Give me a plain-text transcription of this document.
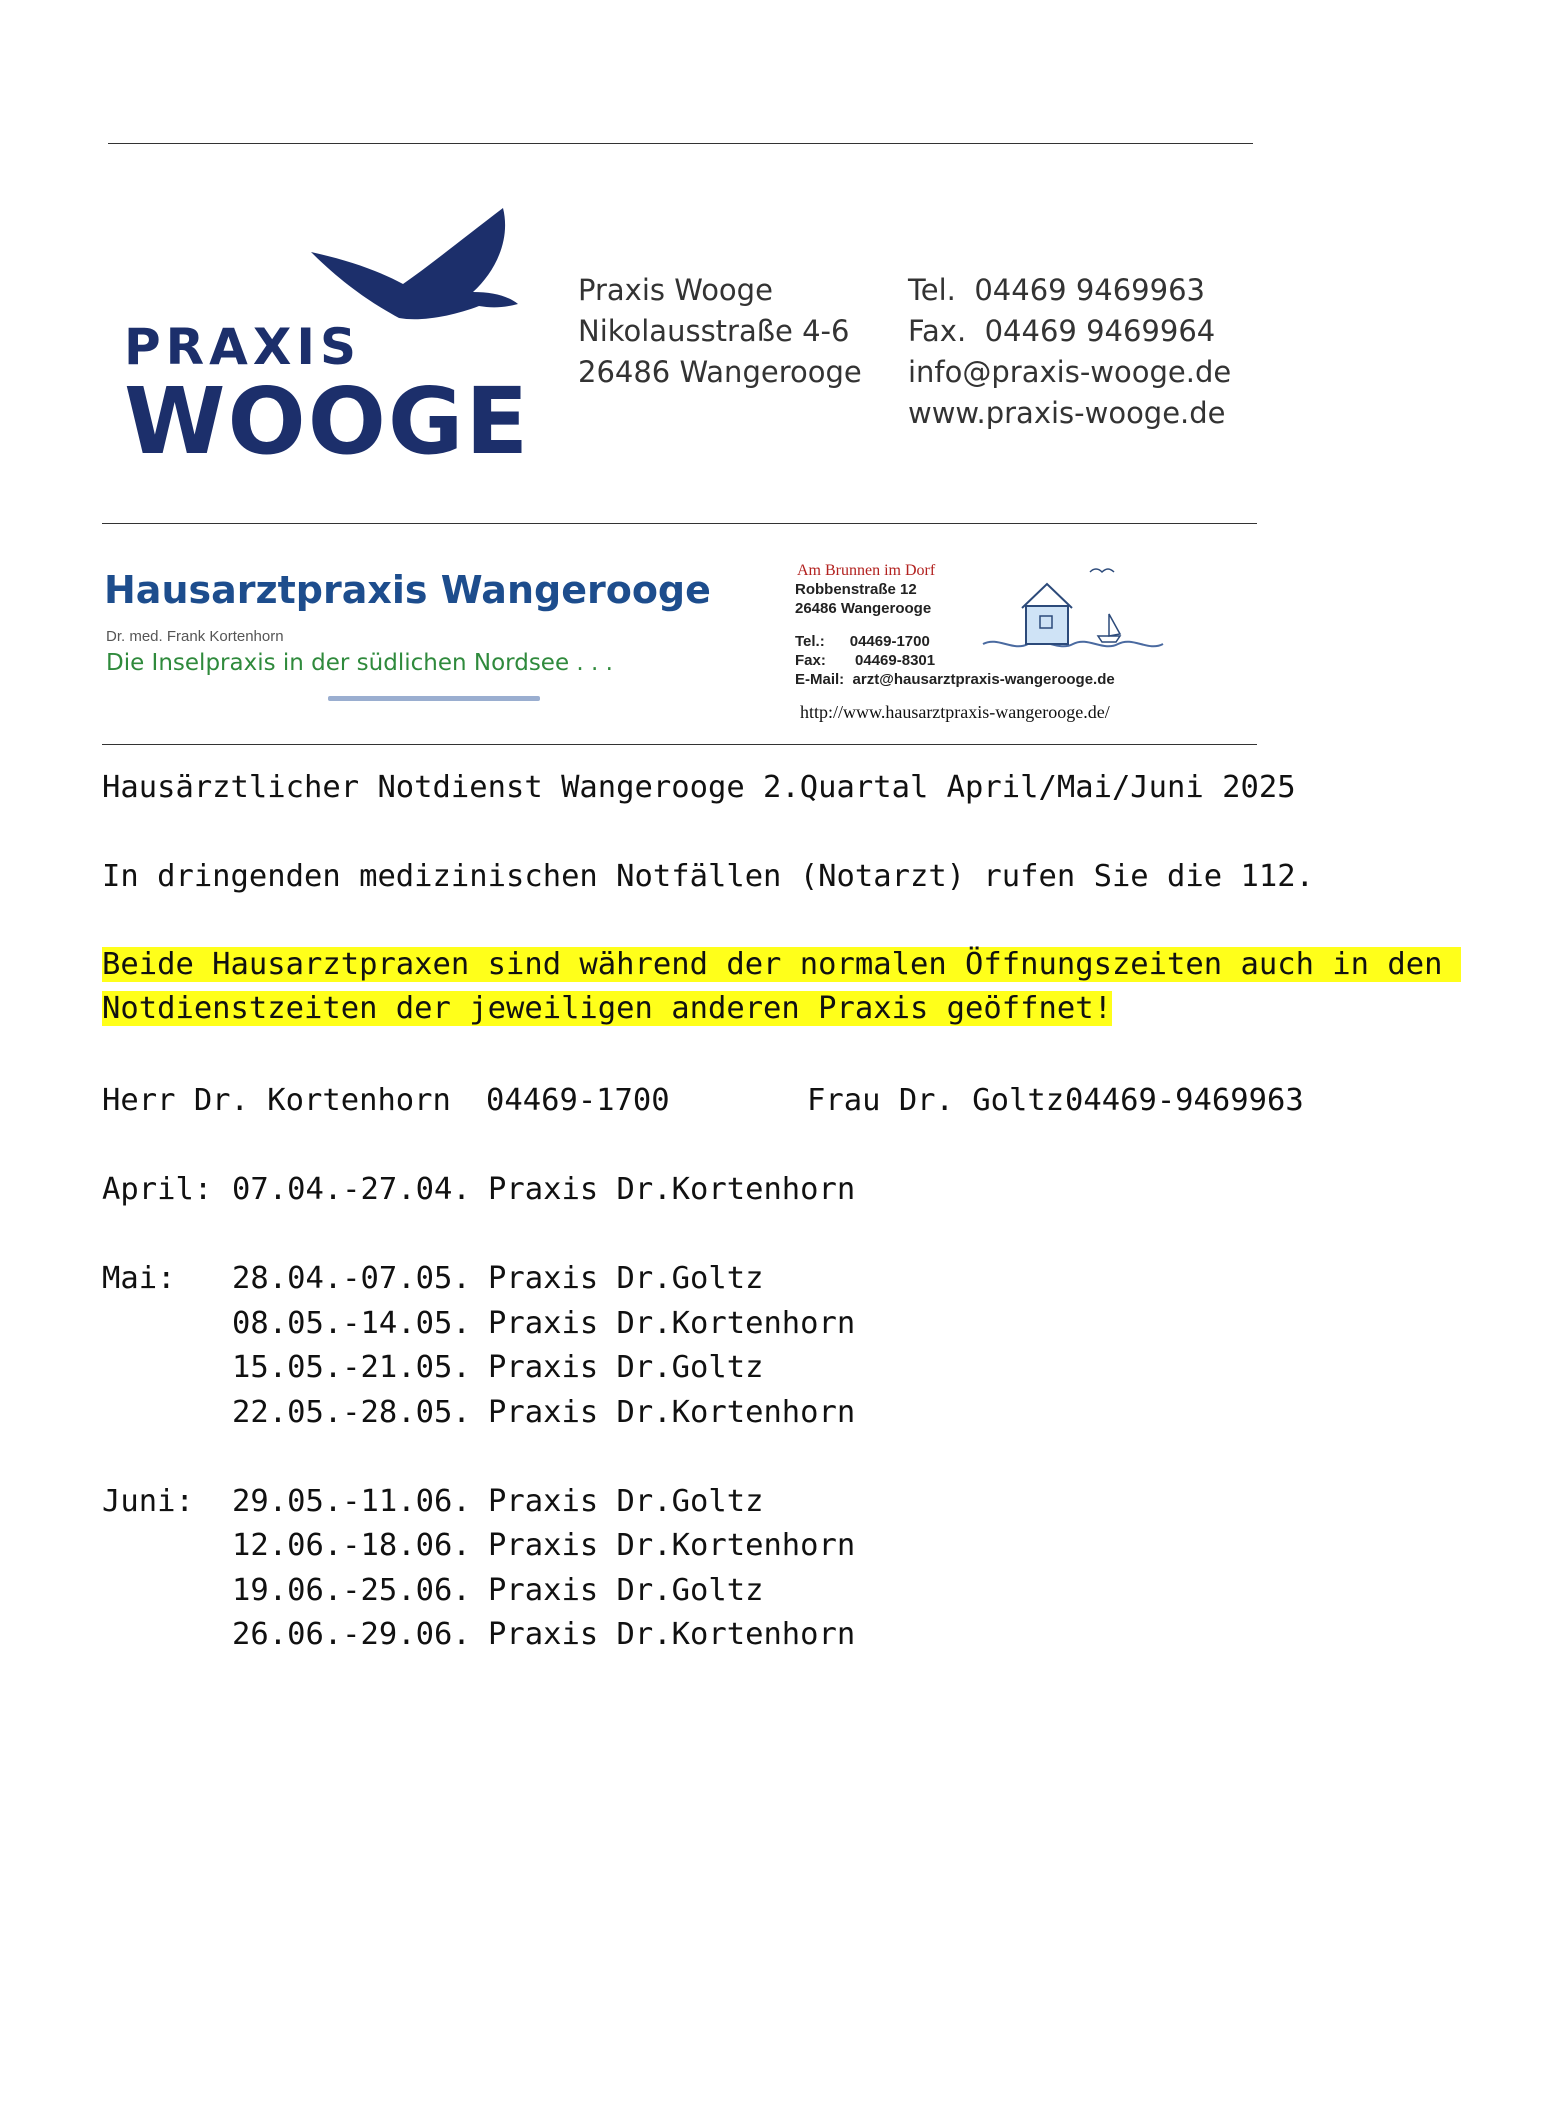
PRAXIS
WOOGE
Praxis Wooge
Nikolausstraße 4-6
26486 Wangerooge
Tel. 04469 9469963
Fax. 04469 9469964
info@praxis-wooge.de
www.praxis-wooge.de
Hausarztpraxis Wangerooge
Dr. med. Frank Kortenhorn
Die Inselpraxis in der südlichen Nordsee . . .
Am Brunnen im Dorf
Robbenstraße 12
26486 Wangerooge
Tel.: 04469-1700
Fax: 04469-8301
E-Mail: arzt@hausarztpraxis-wangerooge.de
http://www.hausarztpraxis-wangerooge.de/
Hausärztlicher Notdienst Wangerooge 2.Quartal April/Mai/Juni 2025
In dringenden medizinischen Notfällen (Notarzt) rufen Sie die 112.

Beide Hausarztpraxen sind während der normalen Öffnungszeiten auch in den

Notdienstzeiten der jeweiligen anderen Praxis geöffnet!

Herr Dr. Kortenhorn 04469-1700	Frau Dr. Goltz 04469-9469963
April: 07.04.-27.04. Praxis Dr.Kortenhorn
Mai: 28.04.-07.05. Praxis Dr.Goltz
08.05.-14.05. Praxis Dr.Kortenhorn
15.05.-21.05. Praxis Dr.Goltz
22.05.-28.05. Praxis Dr.Kortenhorn
Juni: 29.05.-11.06. Praxis Dr.Goltz
12.06.-18.06. Praxis Dr.Kortenhorn
19.06.-25.06. Praxis Dr.Goltz
26.06.-29.06. Praxis Dr.Kortenhorn
